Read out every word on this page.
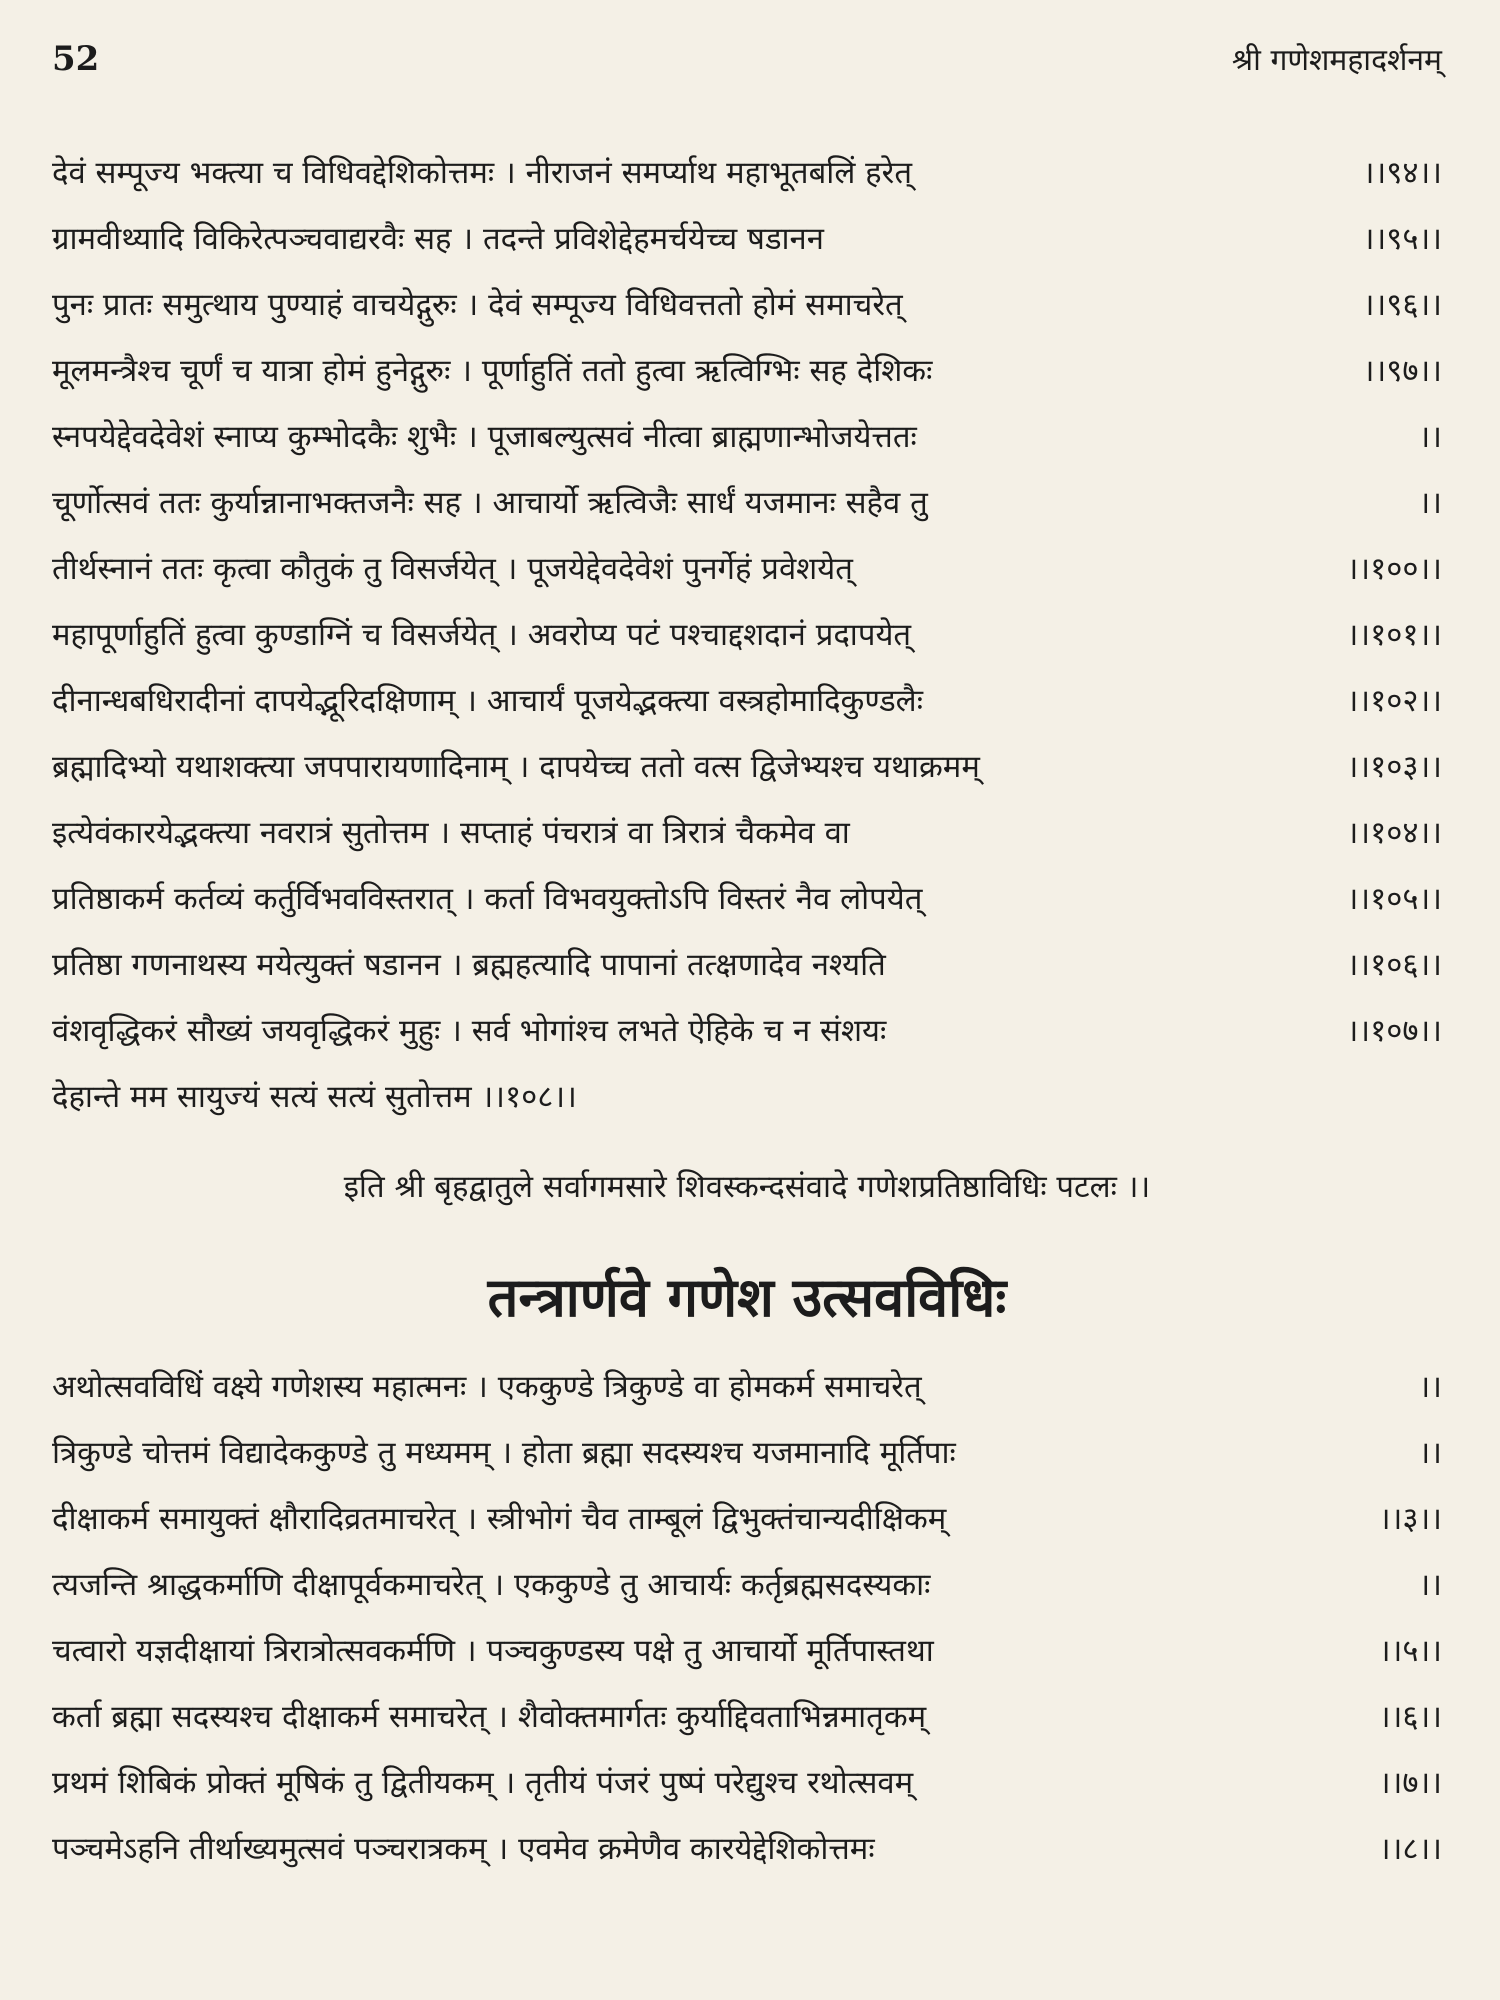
52	श्री गणेशमहादर्शनम्
देवं सम्पूज्य भक्त्या च विधिवद्देशिकोत्तमः । नीराजनं समर्प्याथ महाभूतबलिं हरेत्	।।९४।।
ग्रामवीथ्यादि विकिरेत्पञ्चवाद्यरवैः सह । तदन्ते प्रविशेद्देहमर्चयेच्च षडानन	।।९५।।
पुनः प्रातः समुत्थाय पुण्याहं वाचयेद्गुरुः । देवं सम्पूज्य विधिवत्ततो होमं समाचरेत्	।।९६।।
मूलमन्त्रैश्च चूर्णं च यात्रा होमं हुनेद्गुरुः । पूर्णाहुतिं ततो हुत्वा ऋत्विग्भिः सह देशिकः	।।९७।।
स्नपयेद्देवदेवेशं स्नाप्य कुम्भोदकैः शुभैः । पूजाबल्युत्सवं नीत्वा ब्राह्मणान्भोजयेत्ततः	।।
चूर्णोत्सवं ततः कुर्यान्नानाभक्तजनैः सह । आचार्यो ऋत्विजैः सार्धं यजमानः सहैव तु	।।
तीर्थस्नानं ततः कृत्वा कौतुकं तु विसर्जयेत् । पूजयेद्देवदेवेशं पुनर्गेहं प्रवेशयेत्	।।१००।।
महापूर्णाहुतिं हुत्वा कुण्डाग्निं च विसर्जयेत् । अवरोप्य पटं पश्चाद्दशदानं प्रदापयेत्	।।१०१।।
दीनान्धबधिरादीनां दापयेद्भूरिदक्षिणाम् । आचार्यं पूजयेद्भक्त्या वस्त्रहोमादिकुण्डलैः	।।१०२।।
ब्रह्मादिभ्यो यथाशक्त्या जपपारायणादिनाम् । दापयेच्च ततो वत्स द्विजेभ्यश्च यथाक्रमम्	।।१०३।।
इत्येवंकारयेद्भक्त्या नवरात्रं सुतोत्तम । सप्ताहं पंचरात्रं वा त्रिरात्रं चैकमेव वा	।।१०४।।
प्रतिष्ठाकर्म कर्तव्यं कर्तुर्विभवविस्तरात् । कर्ता विभवयुक्तोऽपि विस्तरं नैव लोपयेत्	।।१०५।।
प्रतिष्ठा गणनाथस्य मयेत्युक्तं षडानन । ब्रह्महत्यादि पापानां तत्क्षणादेव नश्यति	।।१०६।।
वंशवृद्धिकरं सौख्यं जयवृद्धिकरं मुहुः । सर्व भोगांश्च लभते ऐहिके च न संशयः	।।१०७।।
देहान्ते मम सायुज्यं सत्यं सत्यं सुतोत्तम ।।१०८।।
इति श्री बृहद्वातुले सर्वागमसारे शिवस्कन्दसंवादे गणेशप्रतिष्ठाविधिः पटलः ।।
तन्त्रार्णवे गणेश उत्सवविधिः
अथोत्सवविधिं वक्ष्ये गणेशस्य महात्मनः । एककुण्डे त्रिकुण्डे वा होमकर्म समाचरेत्	।।
त्रिकुण्डे चोत्तमं विद्यादेककुण्डे तु मध्यमम् । होता ब्रह्मा सदस्यश्च यजमानादि मूर्तिपाः	।।
दीक्षाकर्म समायुक्तं क्षौरादिव्रतमाचरेत् । स्त्रीभोगं चैव ताम्बूलं द्विभुक्तंचान्यदीक्षिकम्	।।३।।
त्यजन्ति श्राद्धकर्माणि दीक्षापूर्वकमाचरेत् । एककुण्डे तु आचार्यः कर्तृब्रह्मसदस्यकाः	।।
चत्वारो यज्ञदीक्षायां त्रिरात्रोत्सवकर्मणि । पञ्चकुण्डस्य पक्षे तु आचार्यो मूर्तिपास्तथा	।।५।।
कर्ता ब्रह्मा सदस्यश्च दीक्षाकर्म समाचरेत् । शैवोक्तमार्गतः कुर्याद्दिवताभिन्नमातृकम्	।।६।।
प्रथमं शिबिकं प्रोक्तं मूषिकं तु द्वितीयकम् । तृतीयं पंजरं पुष्पं परेद्युश्च रथोत्सवम्	।।७।।
पञ्चमेऽहनि तीर्थाख्यमुत्सवं पञ्चरात्रकम् । एवमेव क्रमेणैव कारयेद्देशिकोत्तमः	।।८।।
